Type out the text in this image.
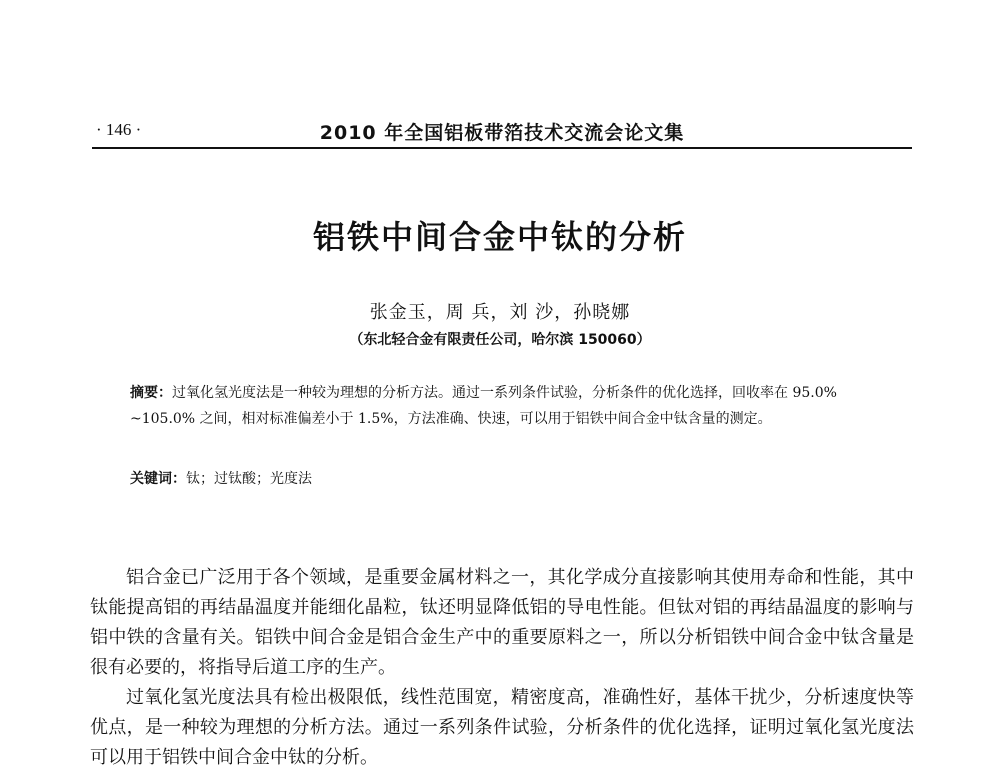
· 146 ·	2010 年全国铝板带箔技术交流会论文集
铝铁中间合金中钛的分析
张金玉，周 兵，刘 沙，孙晓娜
（东北轻合金有限责任公司，哈尔滨 150060）
摘要：过氧化氢光度法是一种较为理想的分析方法。通过一系列条件试验，分析条件的优化选择，回收率在 95.0% ~105.0% 之间，相对标准偏差小于 1.5%，方法准确、快速，可以用于铝铁中间合金中钛含量的测定。
关键词：钛；过钛酸；光度法

铝合金已广泛用于各个领域，是重要金属材料之一，其化学成分直接影响其使用寿命和性能，其中钛能提高铝的再结晶温度并能细化晶粒，钛还明显降低铝的导电性能。但钛对铝的再结晶温度的影响与铝中铁的含量有关。铝铁中间合金是铝合金生产中的重要原料之一，所以分析铝铁中间合金中钛含量是很有必要的，将指导后道工序的生产。

过氧化氢光度法具有检出极限低，线性范围宽，精密度高，准确性好，基体干扰少，分析速度快等优点，是一种较为理想的分析方法。通过一系列条件试验，分析条件的优化选择，证明过氧化氢光度法可以用于铝铁中间合金中钛的分析。
